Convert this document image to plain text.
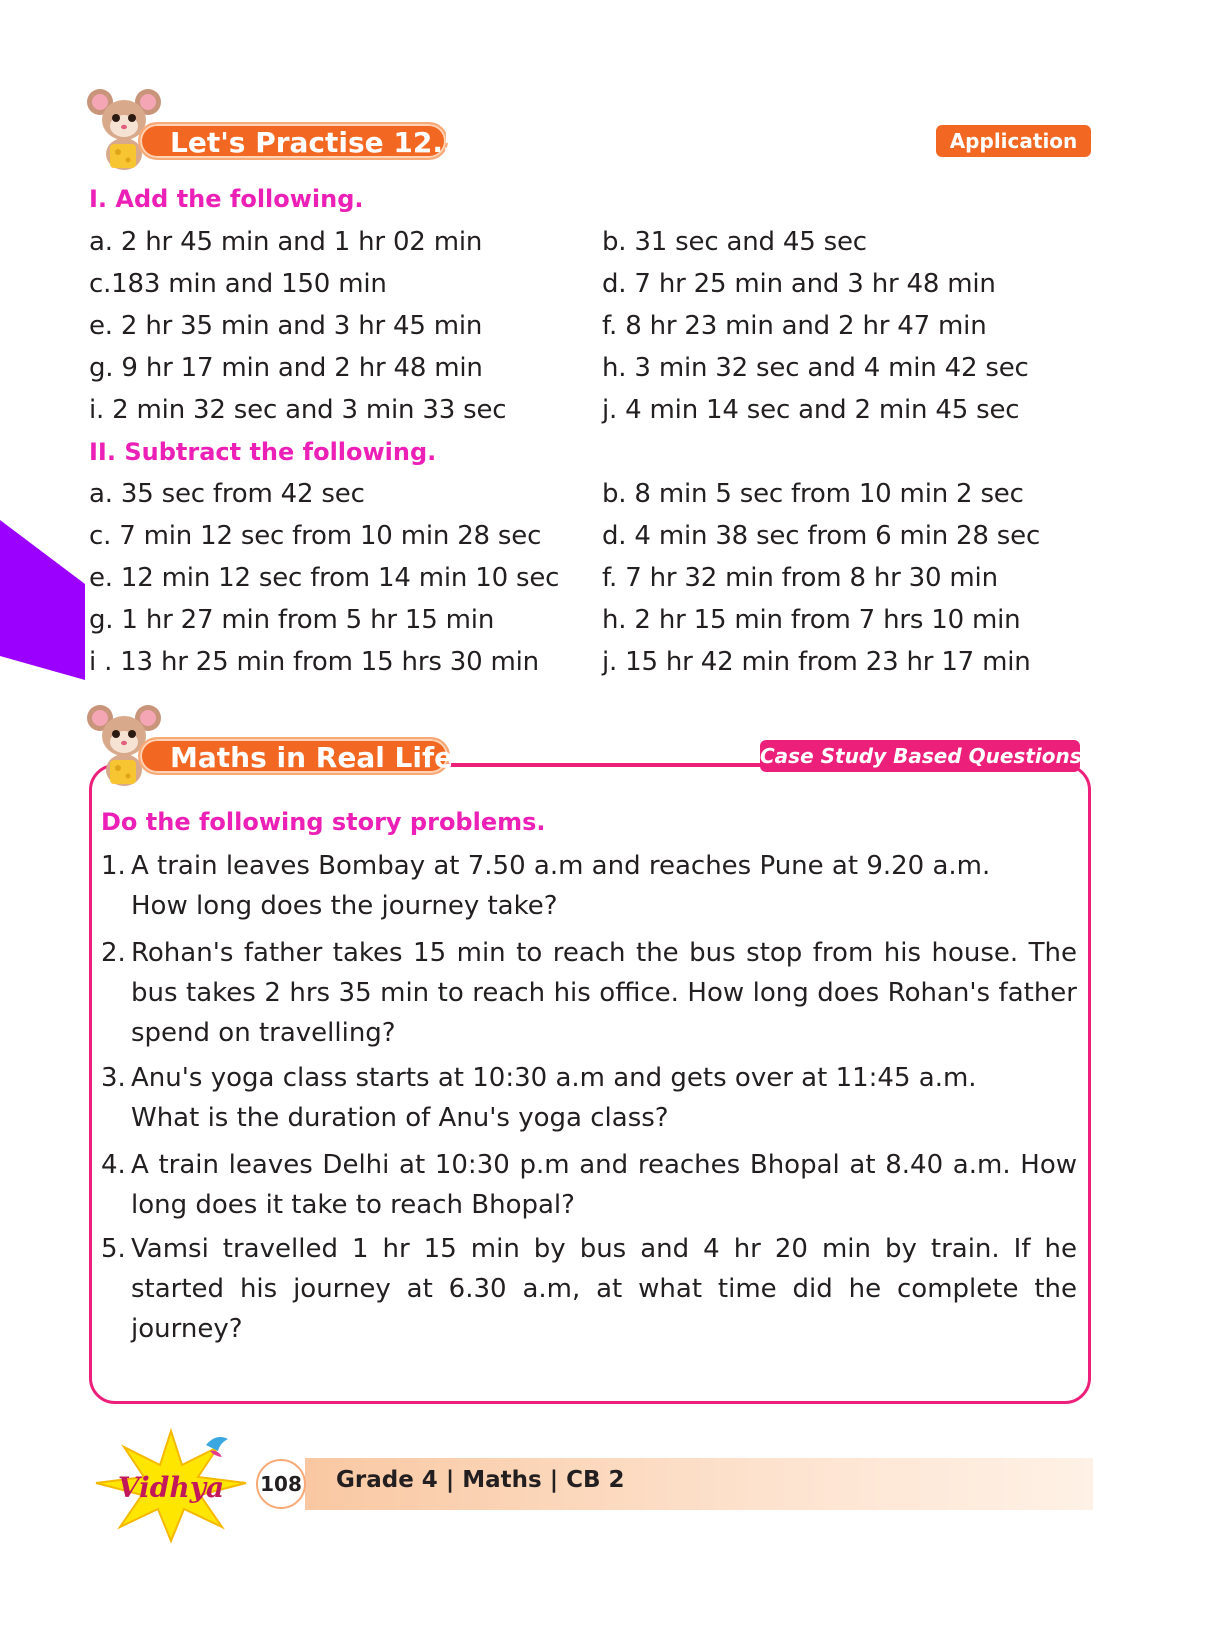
Let's Practise 12.5	Application
I. Add the following.
a. 2 hr 45 min and 1 hr 02 min
c.183 min and 150 min
e. 2 hr 35 min and 3 hr 45 min
g. 9 hr 17 min and 2 hr 48 min
i. 2 min 32 sec and 3 min 33 sec
b. 31 sec and 45 sec
d. 7 hr 25 min and 3 hr 48 min
f. 8 hr 23 min and 2 hr 47 min
h. 3 min 32 sec and 4 min 42 sec
j. 4 min 14 sec and 2 min 45 sec
II. Subtract the following.
a. 35 sec from 42 sec
c. 7 min 12 sec from 10 min 28 sec
e. 12 min 12 sec from 14 min 10 sec
g. 1 hr 27 min from 5 hr 15 min
i . 13 hr 25 min from 15 hrs 30 min
b. 8 min 5 sec from 10 min 2 sec
d. 4 min 38 sec from 6 min 28 sec
f. 7 hr 32 min from 8 hr 30 min
h. 2 hr 15 min from 7 hrs 10 min
j. 15 hr 42 min from 23 hr 17 min
Maths in Real Life	Case Study Based Questions
Do the following story problems.
1. A train leaves Bombay at 7.50 a.m and reaches Pune at 9.20 a.m. How long does the journey take?
2. Rohan's father takes 15 min to reach the bus stop from his house. The bus takes 2 hrs 35 min to reach his office. How long does Rohan's father spend on travelling?
3. Anu's yoga class starts at 10:30 a.m and gets over at 11:45 a.m. What is the duration of Anu's yoga class?
4. A train leaves Delhi at 10:30 p.m and reaches Bhopal at 8.40 a.m. How long does it take to reach Bhopal?
5. Vamsi travelled 1 hr 15 min by bus and 4 hr 20 min by train. If he started his journey at 6.30 a.m, at what time did he complete the journey?
Vidhya 108 Grade 4 | Maths | CB 2
